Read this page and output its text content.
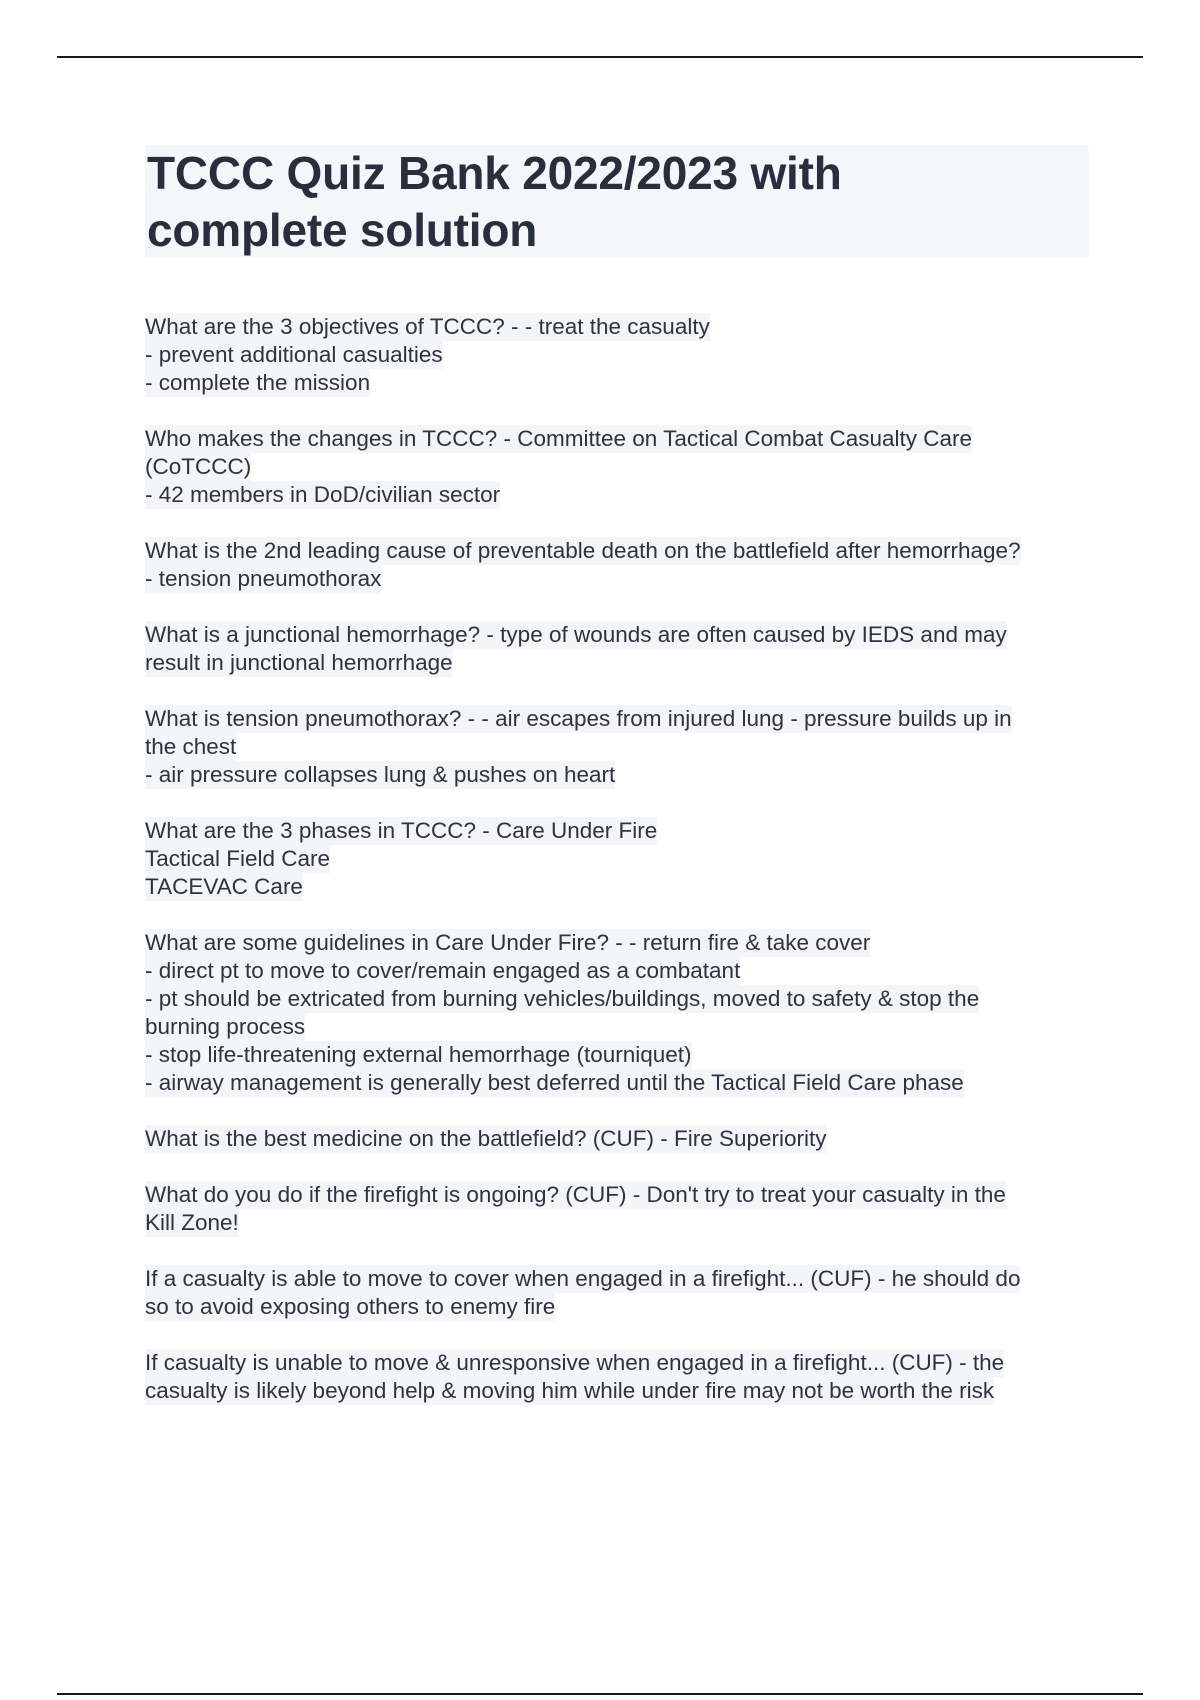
TCCC Quiz Bank 2022/2023 with
complete solution
What are the 3 objectives of TCCC? - - treat the casualty
- prevent additional casualties
- complete the mission
Who makes the changes in TCCC? - Committee on Tactical Combat Casualty Care
(CoTCCC)
- 42 members in DoD/civilian sector
What is the 2nd leading cause of preventable death on the battlefield after hemorrhage?
- tension pneumothorax
What is a junctional hemorrhage? - type of wounds are often caused by IEDS and may
result in junctional hemorrhage
What is tension pneumothorax? - - air escapes from injured lung - pressure builds up in
the chest
- air pressure collapses lung & pushes on heart
What are the 3 phases in TCCC? - Care Under Fire
Tactical Field Care
TACEVAC Care
What are some guidelines in Care Under Fire? - - return fire & take cover
- direct pt to move to cover/remain engaged as a combatant
- pt should be extricated from burning vehicles/buildings, moved to safety & stop the
burning process
- stop life-threatening external hemorrhage (tourniquet)
- airway management is generally best deferred until the Tactical Field Care phase
What is the best medicine on the battlefield? (CUF) - Fire Superiority
What do you do if the firefight is ongoing? (CUF) - Don't try to treat your casualty in the
Kill Zone!
If a casualty is able to move to cover when engaged in a firefight... (CUF) - he should do
so to avoid exposing others to enemy fire
If casualty is unable to move & unresponsive when engaged in a firefight... (CUF) - the
casualty is likely beyond help & moving him while under fire may not be worth the risk
